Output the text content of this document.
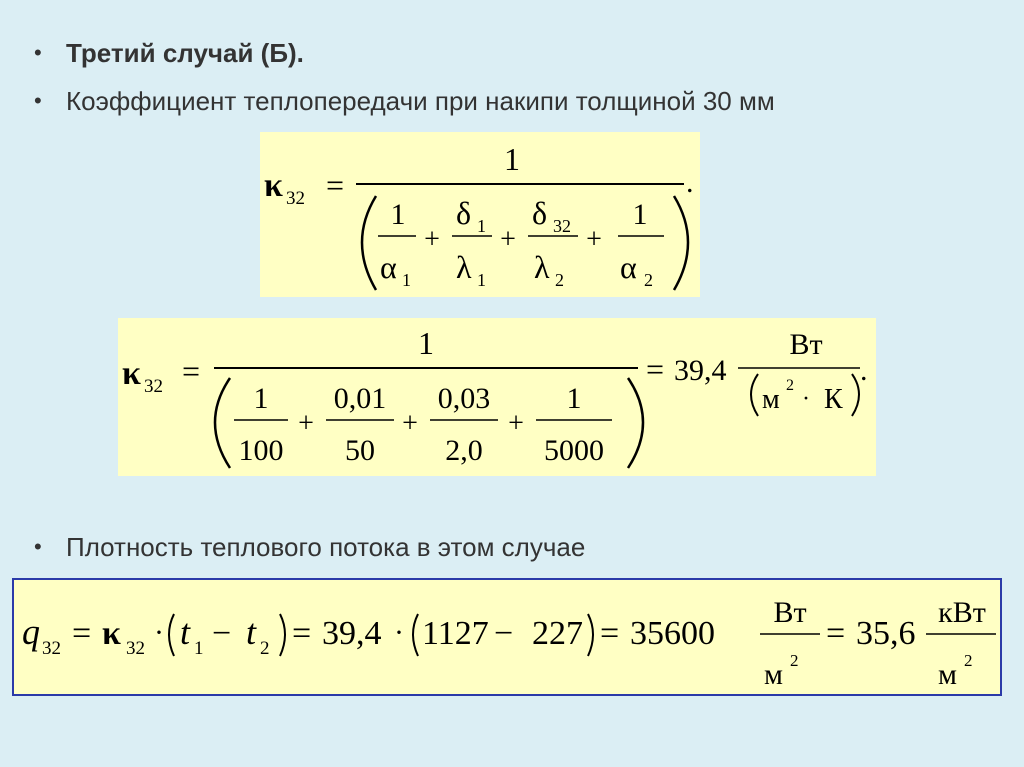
• Третий случай (Б).
• Коэффициент теплопередачи при накипи толщиной 30 мм
κ 32 =
1
.
1
α 1
+
δ 1
λ 1
+
δ 32
λ 2
+
1
α 2
κ 32 =
1
1
100
+
0,01
50
+
0,03
2,0
+
1
5000
= 39,4
Вт
м 2
· К
.
• Плотность теплового потока в этом случае
q 32 = κ 32 · t 1 − t 2 = 39,4 · 1127 − 227 = 35600
Вт
м 2
= 35,6
кВт
м 2
